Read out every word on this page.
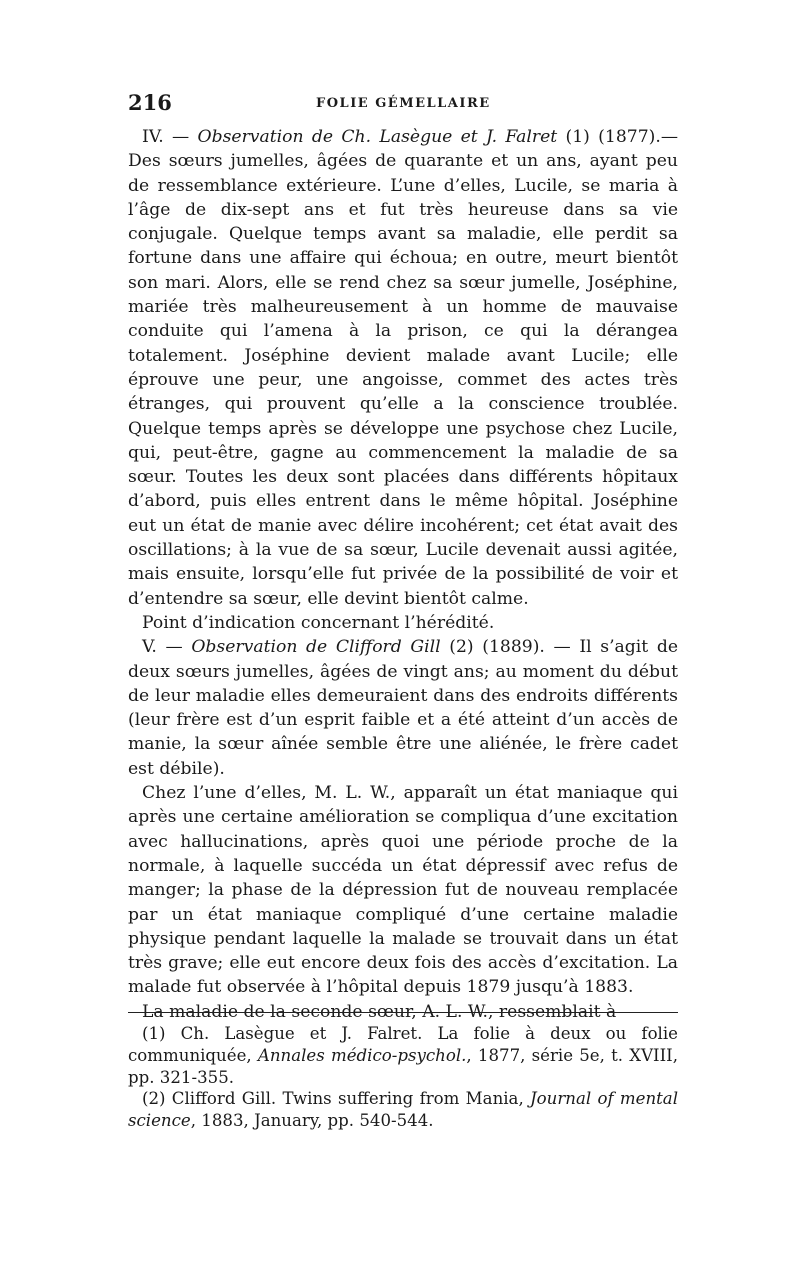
216	FOLIE GÉMELLAIRE

IV. — Observation de Ch. Lasègue et J. Falret (1) (1877).— Des sœurs jumelles, âgées de quarante et un ans, ayant peu de ressemblance extérieure. L’une d’elles, Lucile, se maria à l’âge de dix-sept ans et fut très heureuse dans sa vie conjugale. Quelque temps avant sa maladie, elle perdit sa fortune dans une affaire qui échoua; en outre, meurt bientôt son mari. Alors, elle se rend chez sa sœur jumelle, Joséphine, mariée très malheureusement à un homme de mauvaise conduite qui l’amena à la prison, ce qui la dérangea totalement. Joséphine devient malade avant Lucile; elle éprouve une peur, une angoisse, commet des actes très étranges, qui prouvent qu’elle a la conscience troublée. Quelque temps après se développe une psychose chez Lucile, qui, peut-être, gagne au commencement la maladie de sa sœur. Toutes les deux sont placées dans différents hôpitaux d’abord, puis elles entrent dans le même hôpital. Joséphine eut un état de manie avec délire incohérent; cet état avait des oscillations; à la vue de sa sœur, Lucile devenait aussi agitée, mais ensuite, lorsqu’elle fut privée de la possibilité de voir et d’entendre sa sœur, elle devint bientôt calme.

Point d’indication concernant l’hérédité.

V. — Observation de Clifford Gill (2) (1889). — Il s’agit de deux sœurs jumelles, âgées de vingt ans; au moment du début de leur maladie elles demeuraient dans des endroits différents (leur frère est d’un esprit faible et a été atteint d’un accès de manie, la sœur aînée semble être une aliénée, le frère cadet est débile).

Chez l’une d’elles, M. L. W., apparaît un état maniaque qui après une certaine amélioration se compliqua d’une excitation avec hallucinations, après quoi une période proche de la normale, à laquelle succéda un état dépressif avec refus de manger; la phase de la dépression fut de nouveau remplacée par un état maniaque compliqué d’une certaine maladie physique pendant laquelle la malade se trouvait dans un état très grave; elle eut encore deux fois des accès d’excitation. La malade fut observée à l’hôpital depuis 1879 jusqu’à 1883.

La maladie de la seconde sœur, A. L. W., ressemblait à

(1) Ch. Lasègue et J. Falret. La folie à deux ou folie communiquée, Annales médico-psychol., 1877, série 5e, t. XVIII, pp. 321-355.

(2) Clifford Gill. Twins suffering from Mania, Journal of mental science, 1883, January, pp. 540-544.
